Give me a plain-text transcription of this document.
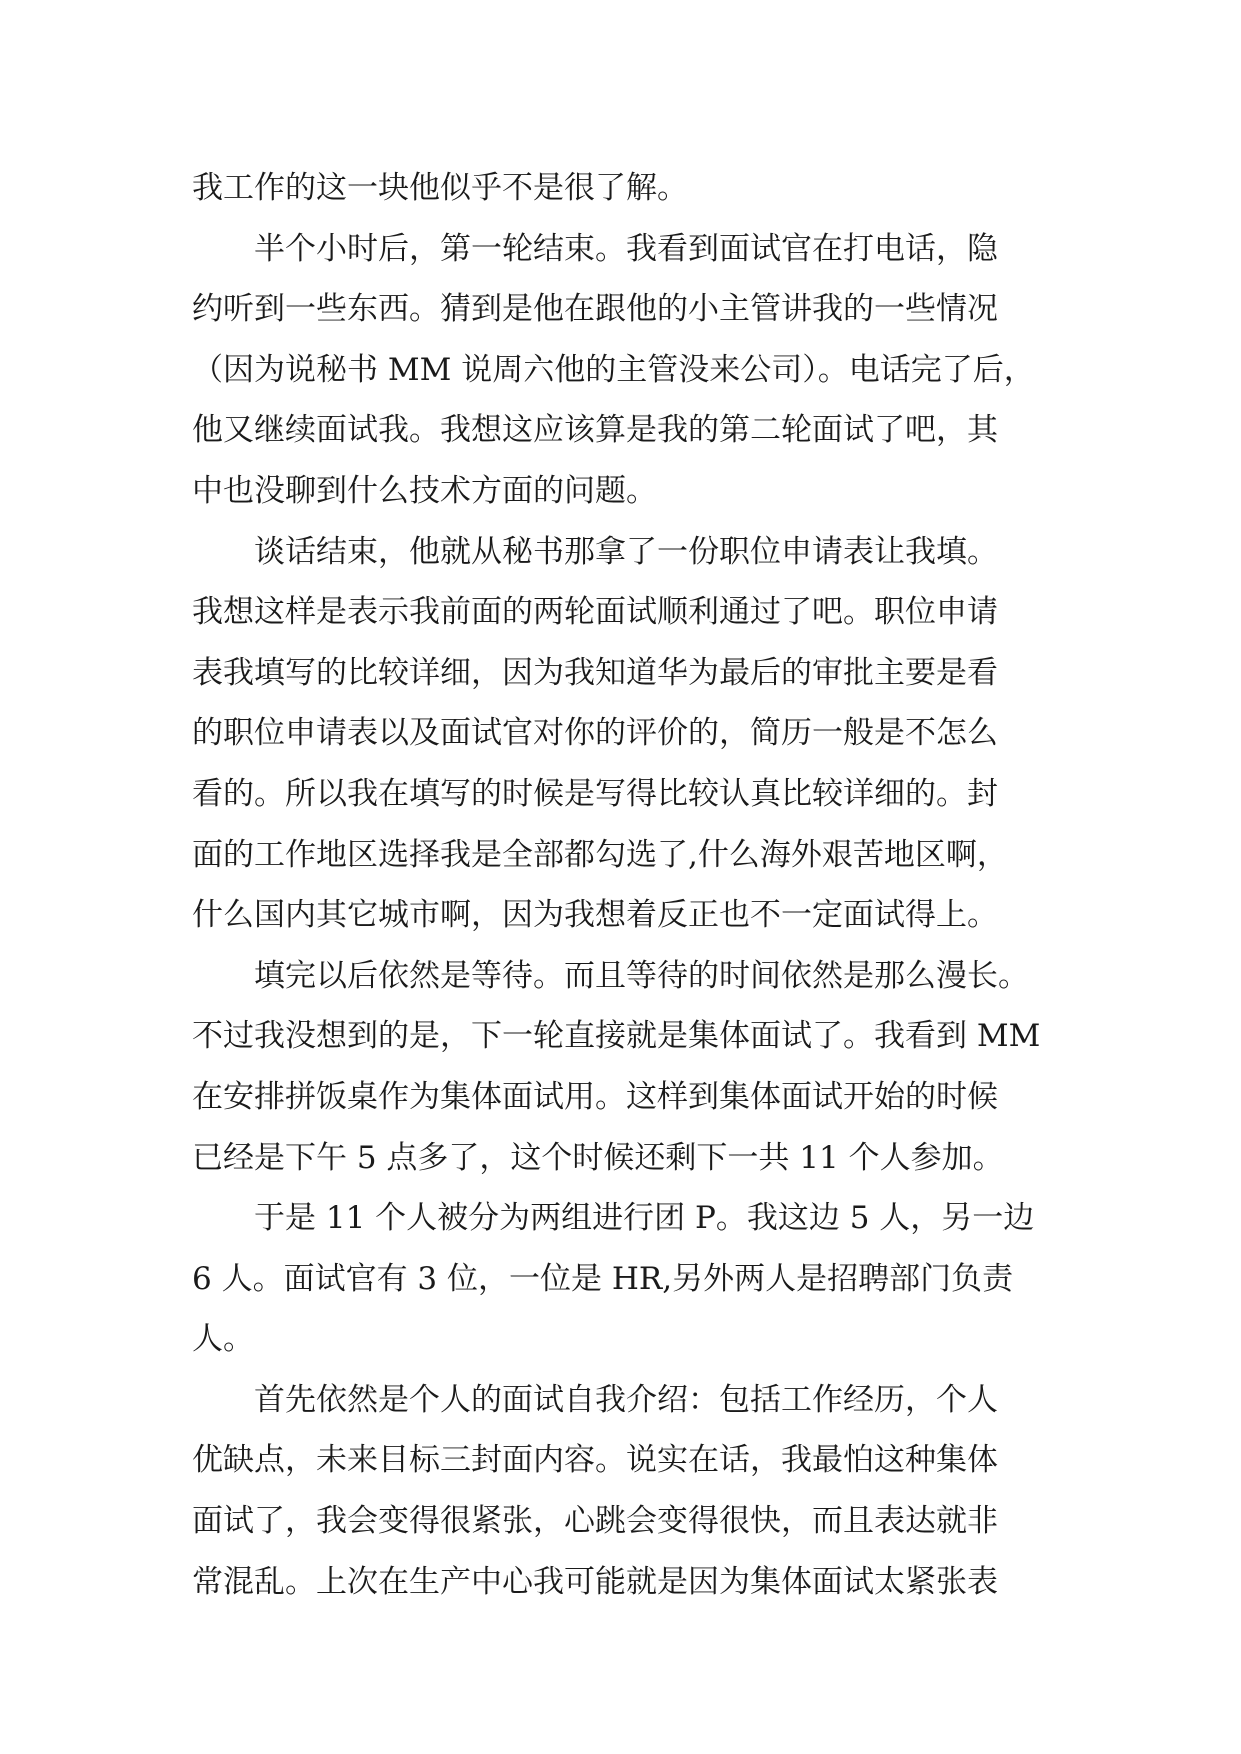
我工作的这一块他似乎不是很了解。
半个小时后，第一轮结束。我看到面试官在打电话，隐
约听到一些东西。猜到是他在跟他的小主管讲我的一些情况
（因为说秘书 MM 说周六他的主管没来公司）。电话完了后，
他又继续面试我。我想这应该算是我的第二轮面试了吧，其
中也没聊到什么技术方面的问题。
谈话结束，他就从秘书那拿了一份职位申请表让我填。
我想这样是表示我前面的两轮面试顺利通过了吧。职位申请
表我填写的比较详细，因为我知道华为最后的审批主要是看
的职位申请表以及面试官对你的评价的，简历一般是不怎么
看的。所以我在填写的时候是写得比较认真比较详细的。封
面的工作地区选择我是全部都勾选了,什么海外艰苦地区啊，
什么国内其它城市啊，因为我想着反正也不一定面试得上。
填完以后依然是等待。而且等待的时间依然是那么漫长。
不过我没想到的是，下一轮直接就是集体面试了。我看到 MM
在安排拼饭桌作为集体面试用。这样到集体面试开始的时候
已经是下午 5 点多了，这个时候还剩下一共 11 个人参加。
于是 11 个人被分为两组进行团 P。我这边 5 人，另一边
6 人。面试官有 3 位，一位是 HR,另外两人是招聘部门负责
人。
首先依然是个人的面试自我介绍：包括工作经历，个人
优缺点，未来目标三封面内容。说实在话，我最怕这种集体
面试了，我会变得很紧张，心跳会变得很快，而且表达就非
常混乱。上次在生产中心我可能就是因为集体面试太紧张表
